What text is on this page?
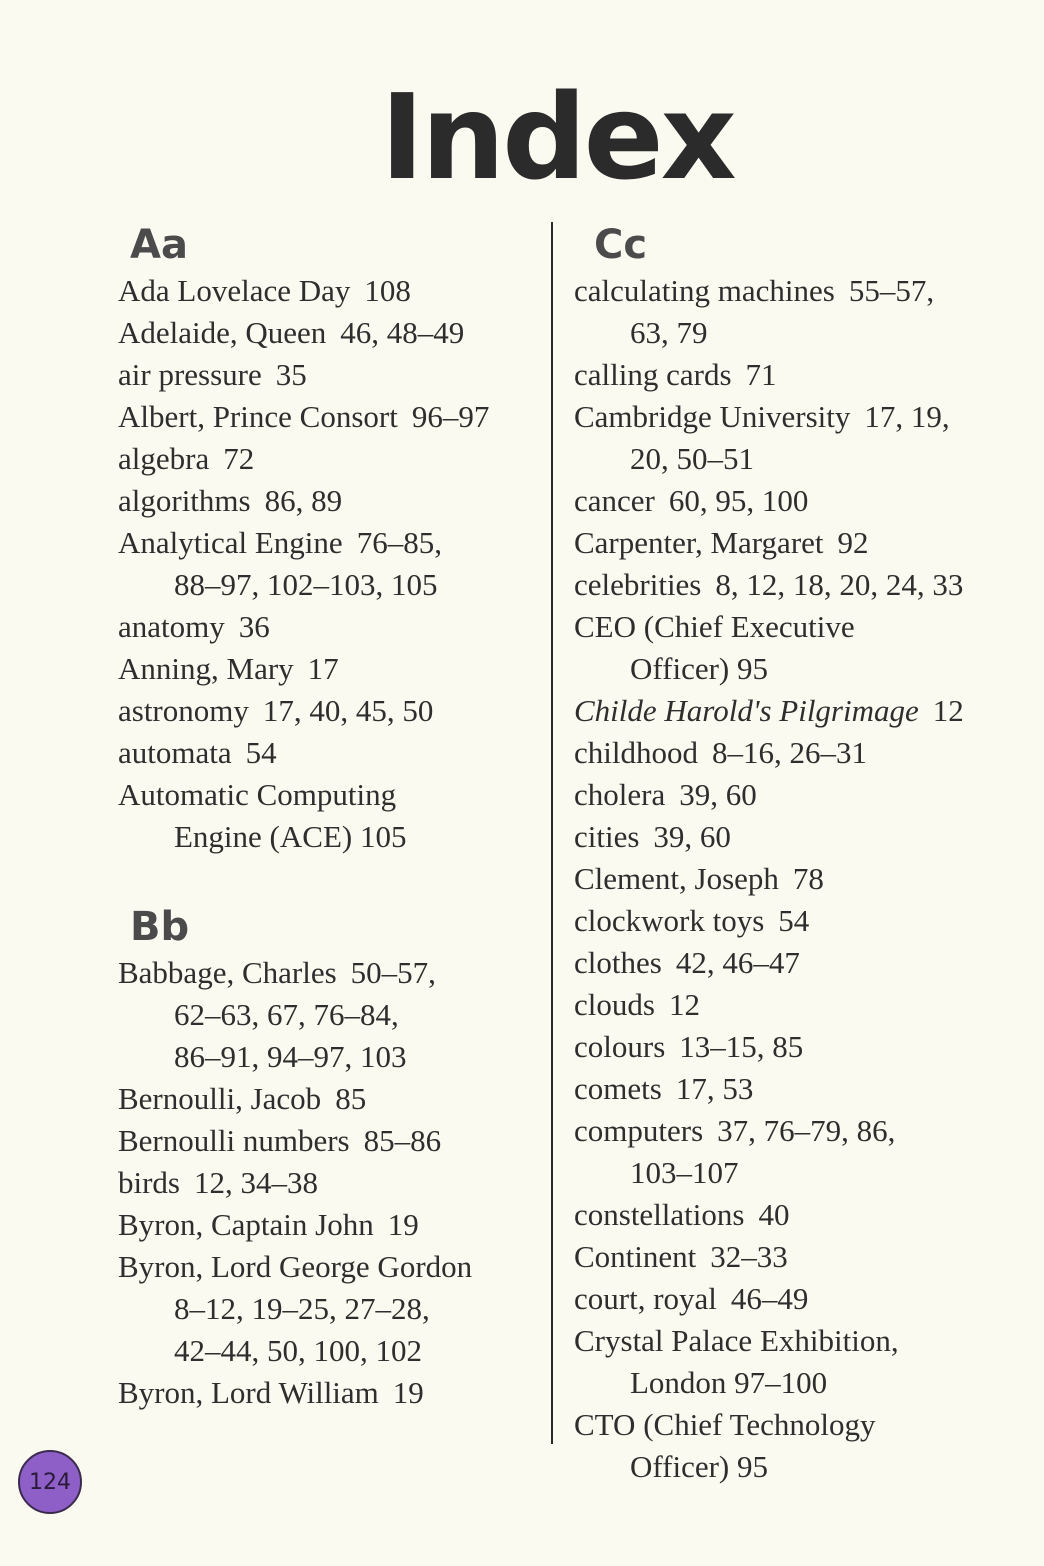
Index
Aa
Ada Lovelace Day 108
Adelaide, Queen 46, 48–49
air pressure 35
Albert, Prince Consort 96–97
algebra 72
algorithms 86, 89
Analytical Engine 76–85,
88–97, 102–103, 105
anatomy 36
Anning, Mary 17
astronomy 17, 40, 45, 50
automata 54
Automatic Computing
Engine (ACE) 105
Bb
Babbage, Charles 50–57,
62–63, 67, 76–84,
86–91, 94–97, 103
Bernoulli, Jacob 85
Bernoulli numbers 85–86
birds 12, 34–38
Byron, Captain John 19
Byron, Lord George Gordon
8–12, 19–25, 27–28,
42–44, 50, 100, 102
Byron, Lord William 19
Cc
calculating machines 55–57,
63, 79
calling cards 71
Cambridge University 17, 19,
20, 50–51
cancer 60, 95, 100
Carpenter, Margaret 92
celebrities 8, 12, 18, 20, 24, 33
CEO (Chief Executive
Officer) 95
Childe Harold's Pilgrimage 12
childhood 8–16, 26–31
cholera 39, 60
cities 39, 60
Clement, Joseph 78
clockwork toys 54
clothes 42, 46–47
clouds 12
colours 13–15, 85
comets 17, 53
computers 37, 76–79, 86,
103–107
constellations 40
Continent 32–33
court, royal 46–49
Crystal Palace Exhibition,
London 97–100
CTO (Chief Technology
Officer) 95
124
